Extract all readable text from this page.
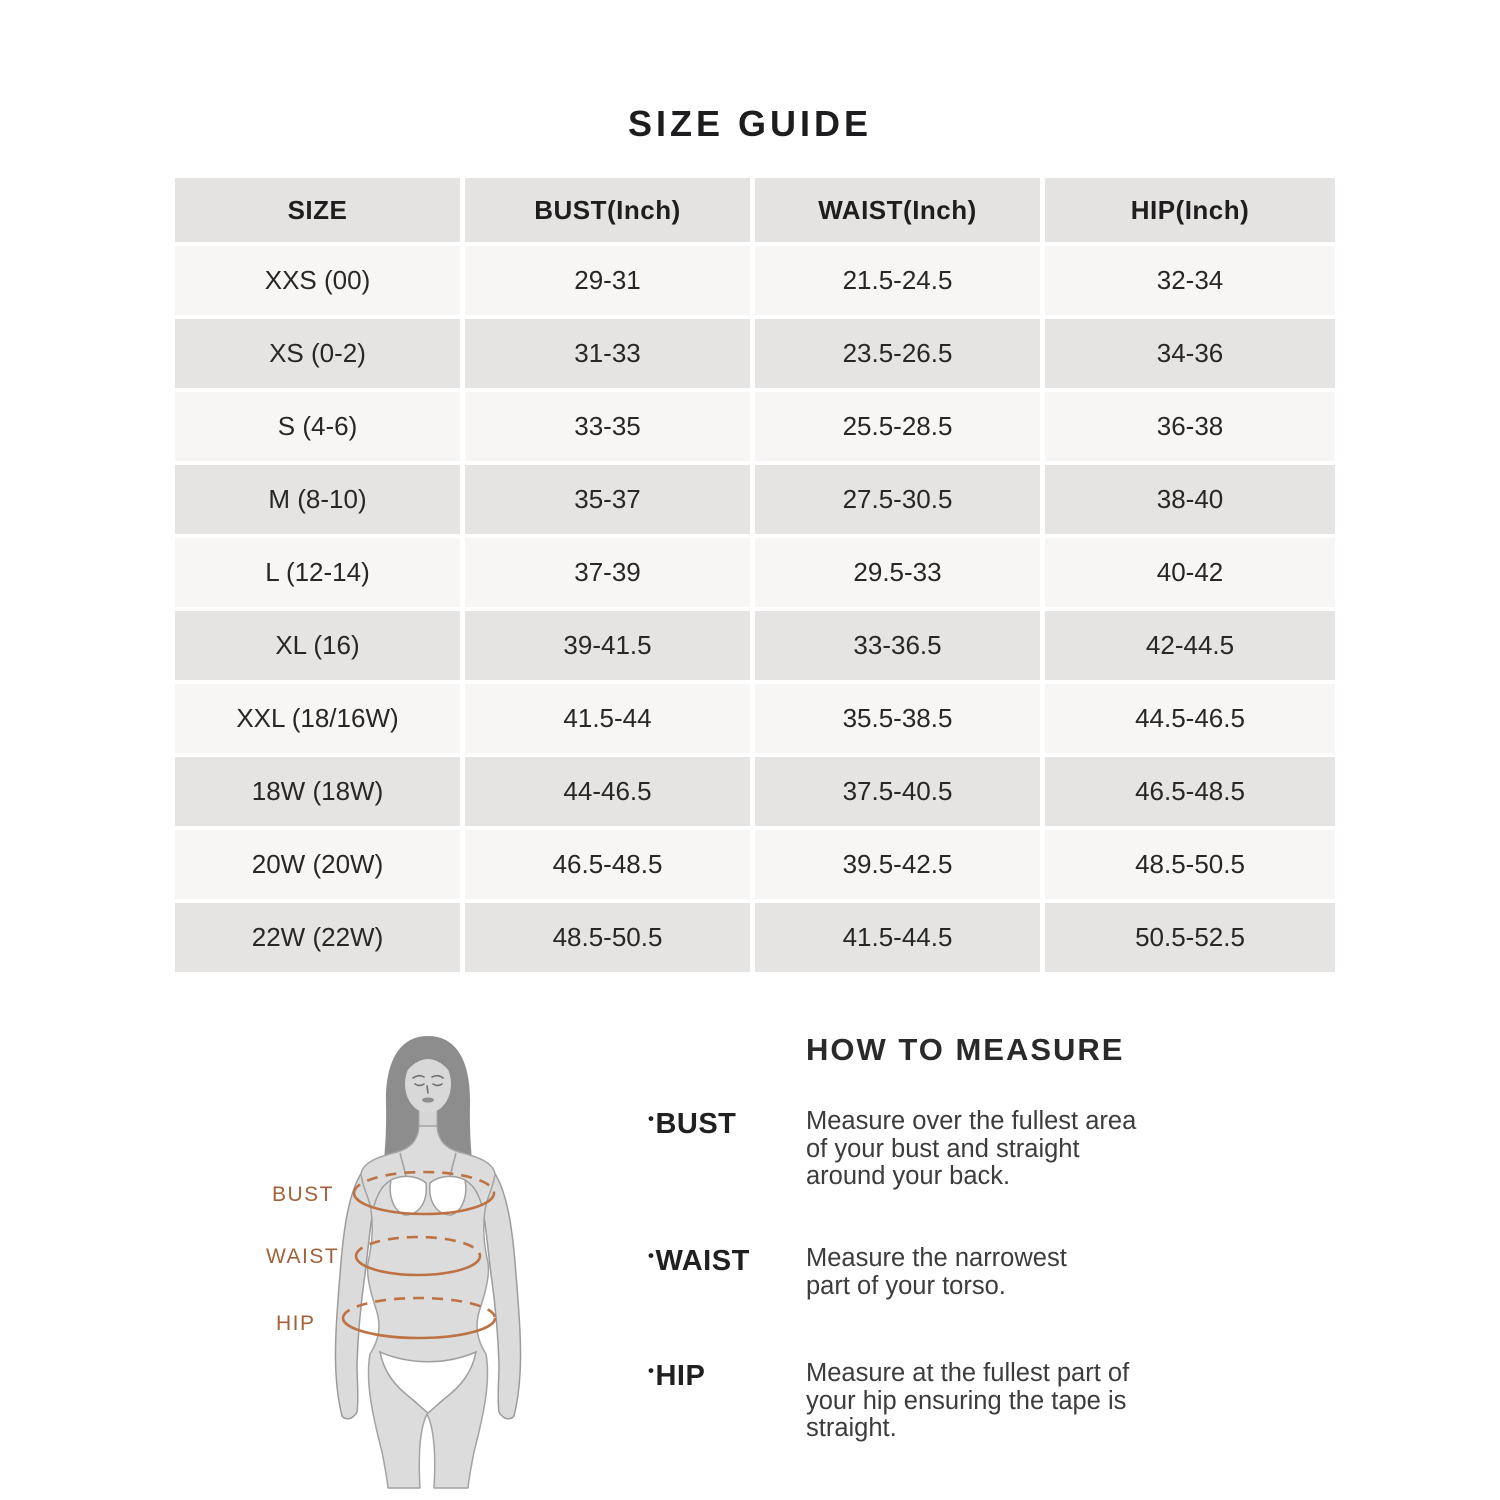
SIZE GUIDE
SIZE	BUST(Inch)	WAIST(Inch)	HIP(Inch)
XXS (00)	29-31	21.5-24.5	32-34
XS (0-2)	31-33	23.5-26.5	34-36
S (4-6)	33-35	25.5-28.5	36-38
M (8-10)	35-37	27.5-30.5	38-40
L (12-14)	37-39	29.5-33	40-42
XL (16)	39-41.5	33-36.5	42-44.5
XXL (18/16W)	41.5-44	35.5-38.5	44.5-46.5
18W (18W)	44-46.5	37.5-40.5	46.5-48.5
20W (20W)	46.5-48.5	39.5-42.5	48.5-50.5
22W (22W)	48.5-50.5	41.5-44.5	50.5-52.5
BUST
WAIST
HIP
HOW TO MEASURE
•BUST	Measure over the fullest area
of your bust and straight
around your back.
•WAIST	Measure the narrowest
part of your torso.
•HIP	Measure at the fullest part of
your hip ensuring the tape is
straight.
